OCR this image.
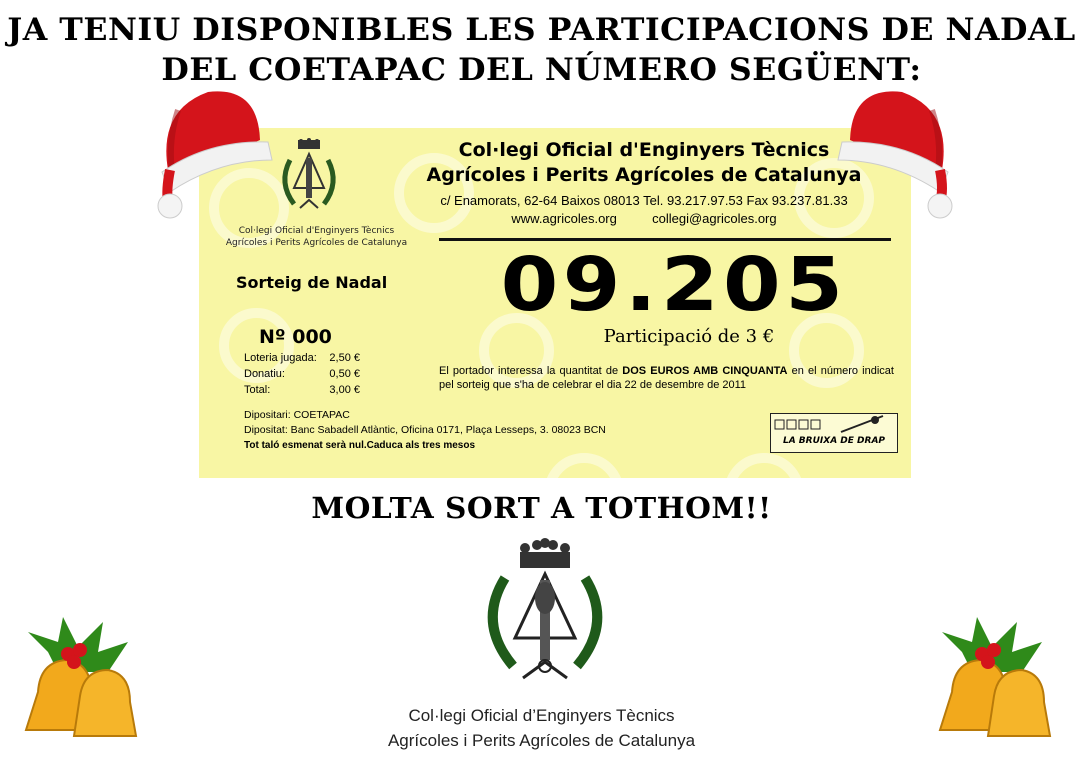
JA TENIU DISPONIBLES LES PARTICIPACIONS DE NADAL
DEL COETAPAC DEL NÚMERO SEGÜENT:
Col·legi Oficial d'Enginyers Tècnics
Agrícoles i Perits Agrícoles de Catalunya
Col·legi Oficial d'Enginyers Tècnics
Agrícoles i Perits Agrícoles de Catalunya
c/ Enamorats, 62-64 Baixos 08013 Tel. 93.217.97.53 Fax 93.237.81.33
www.agricoles.org	collegi@agricoles.org
Sorteig de Nadal	09.205
Participació de 3 €
Nº 000
Loteria jugada: 2,50 €
Donatiu:	0,50 €
Total:	3,00 €
El portador interessa la quantitat de DOS EUROS AMB CINQUANTA en el número indicat pel sorteig que s'ha de celebrar el dia 22 de desembre de 2011
Dipositari: COETAPAC
Dipositat: Banc Sabadell Atlàntic, Oficina 0171, Plaça Lesseps, 3. 08023 BCN
Tot taló esmenat serà nul.Caduca als tres mesos	LA BRUIXA DE DRAP
MOLTA SORT A TOTHOM!!
Col·legi Oficial d’Enginyers Tècnics
Agrícoles i Perits Agrícoles de Catalunya
